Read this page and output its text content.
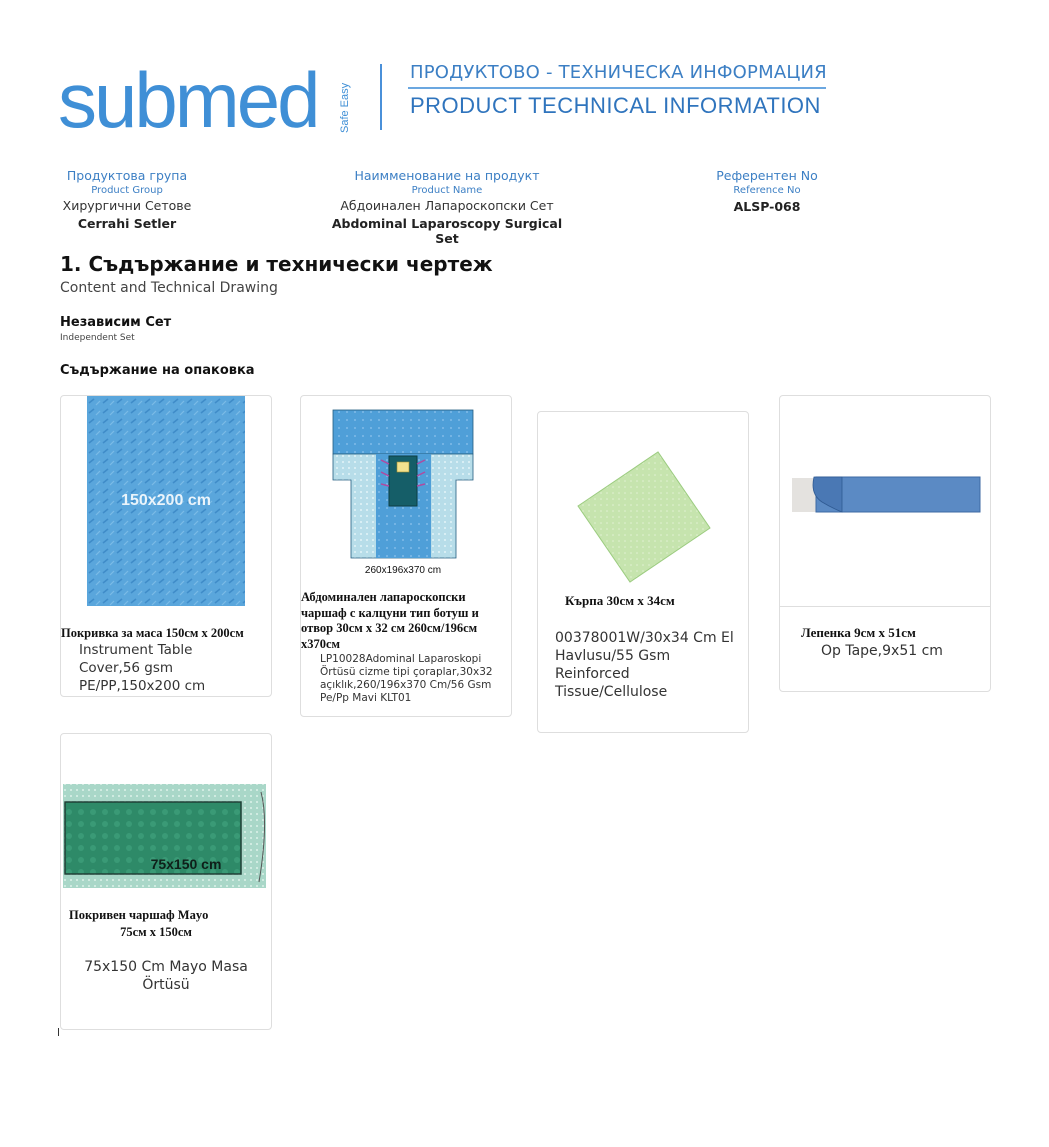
submed Safe Easy
ПРОДУКТОВО - ТЕХНИЧЕСКА ИНФОРМАЦИЯ
PRODUCT TECHNICAL INFORMATION
Продуктова група
Product Group
Хирургични Сетове
Cerrahi Setler
Наимменование на продукт
Product Name
Абдоинален Лапароскопски Сет
Abdominal Laparoscopy Surgical Set
Референтен No
Reference No
ALSP-068
1. Съдържание и технически чертеж
Content and Technical Drawing
Независим Сет
Independent Set
Съдържание на опаковка
150x200 cm
Покривка за маса 150см x 200см
Instrument Table Cover,56 gsm PE/PP,150x200 cm
260x196x370 cm
Абдоминален лапароскопски чаршаф с калцуни тип ботуш и отвор 30см x 32 см 260см/196см x370см
LP10028Adominal Laparoskopi Örtüsü cizme tipi çoraplar,30x32 açıklık,260/196x370 Cm/56 Gsm Pe/Pp Mavi KLT01
Кърпа 30см x 34см
00378001W/30x34 Cm El Havlusu/55 Gsm Reinforced Tissue/Cellulose
Лепенка 9см x 51см
Op Tape,9x51 cm
75x150 cm
Покривен чаршаф Mayo
75см x 150см
75x150 Cm Mayo Masa
Örtüsü
